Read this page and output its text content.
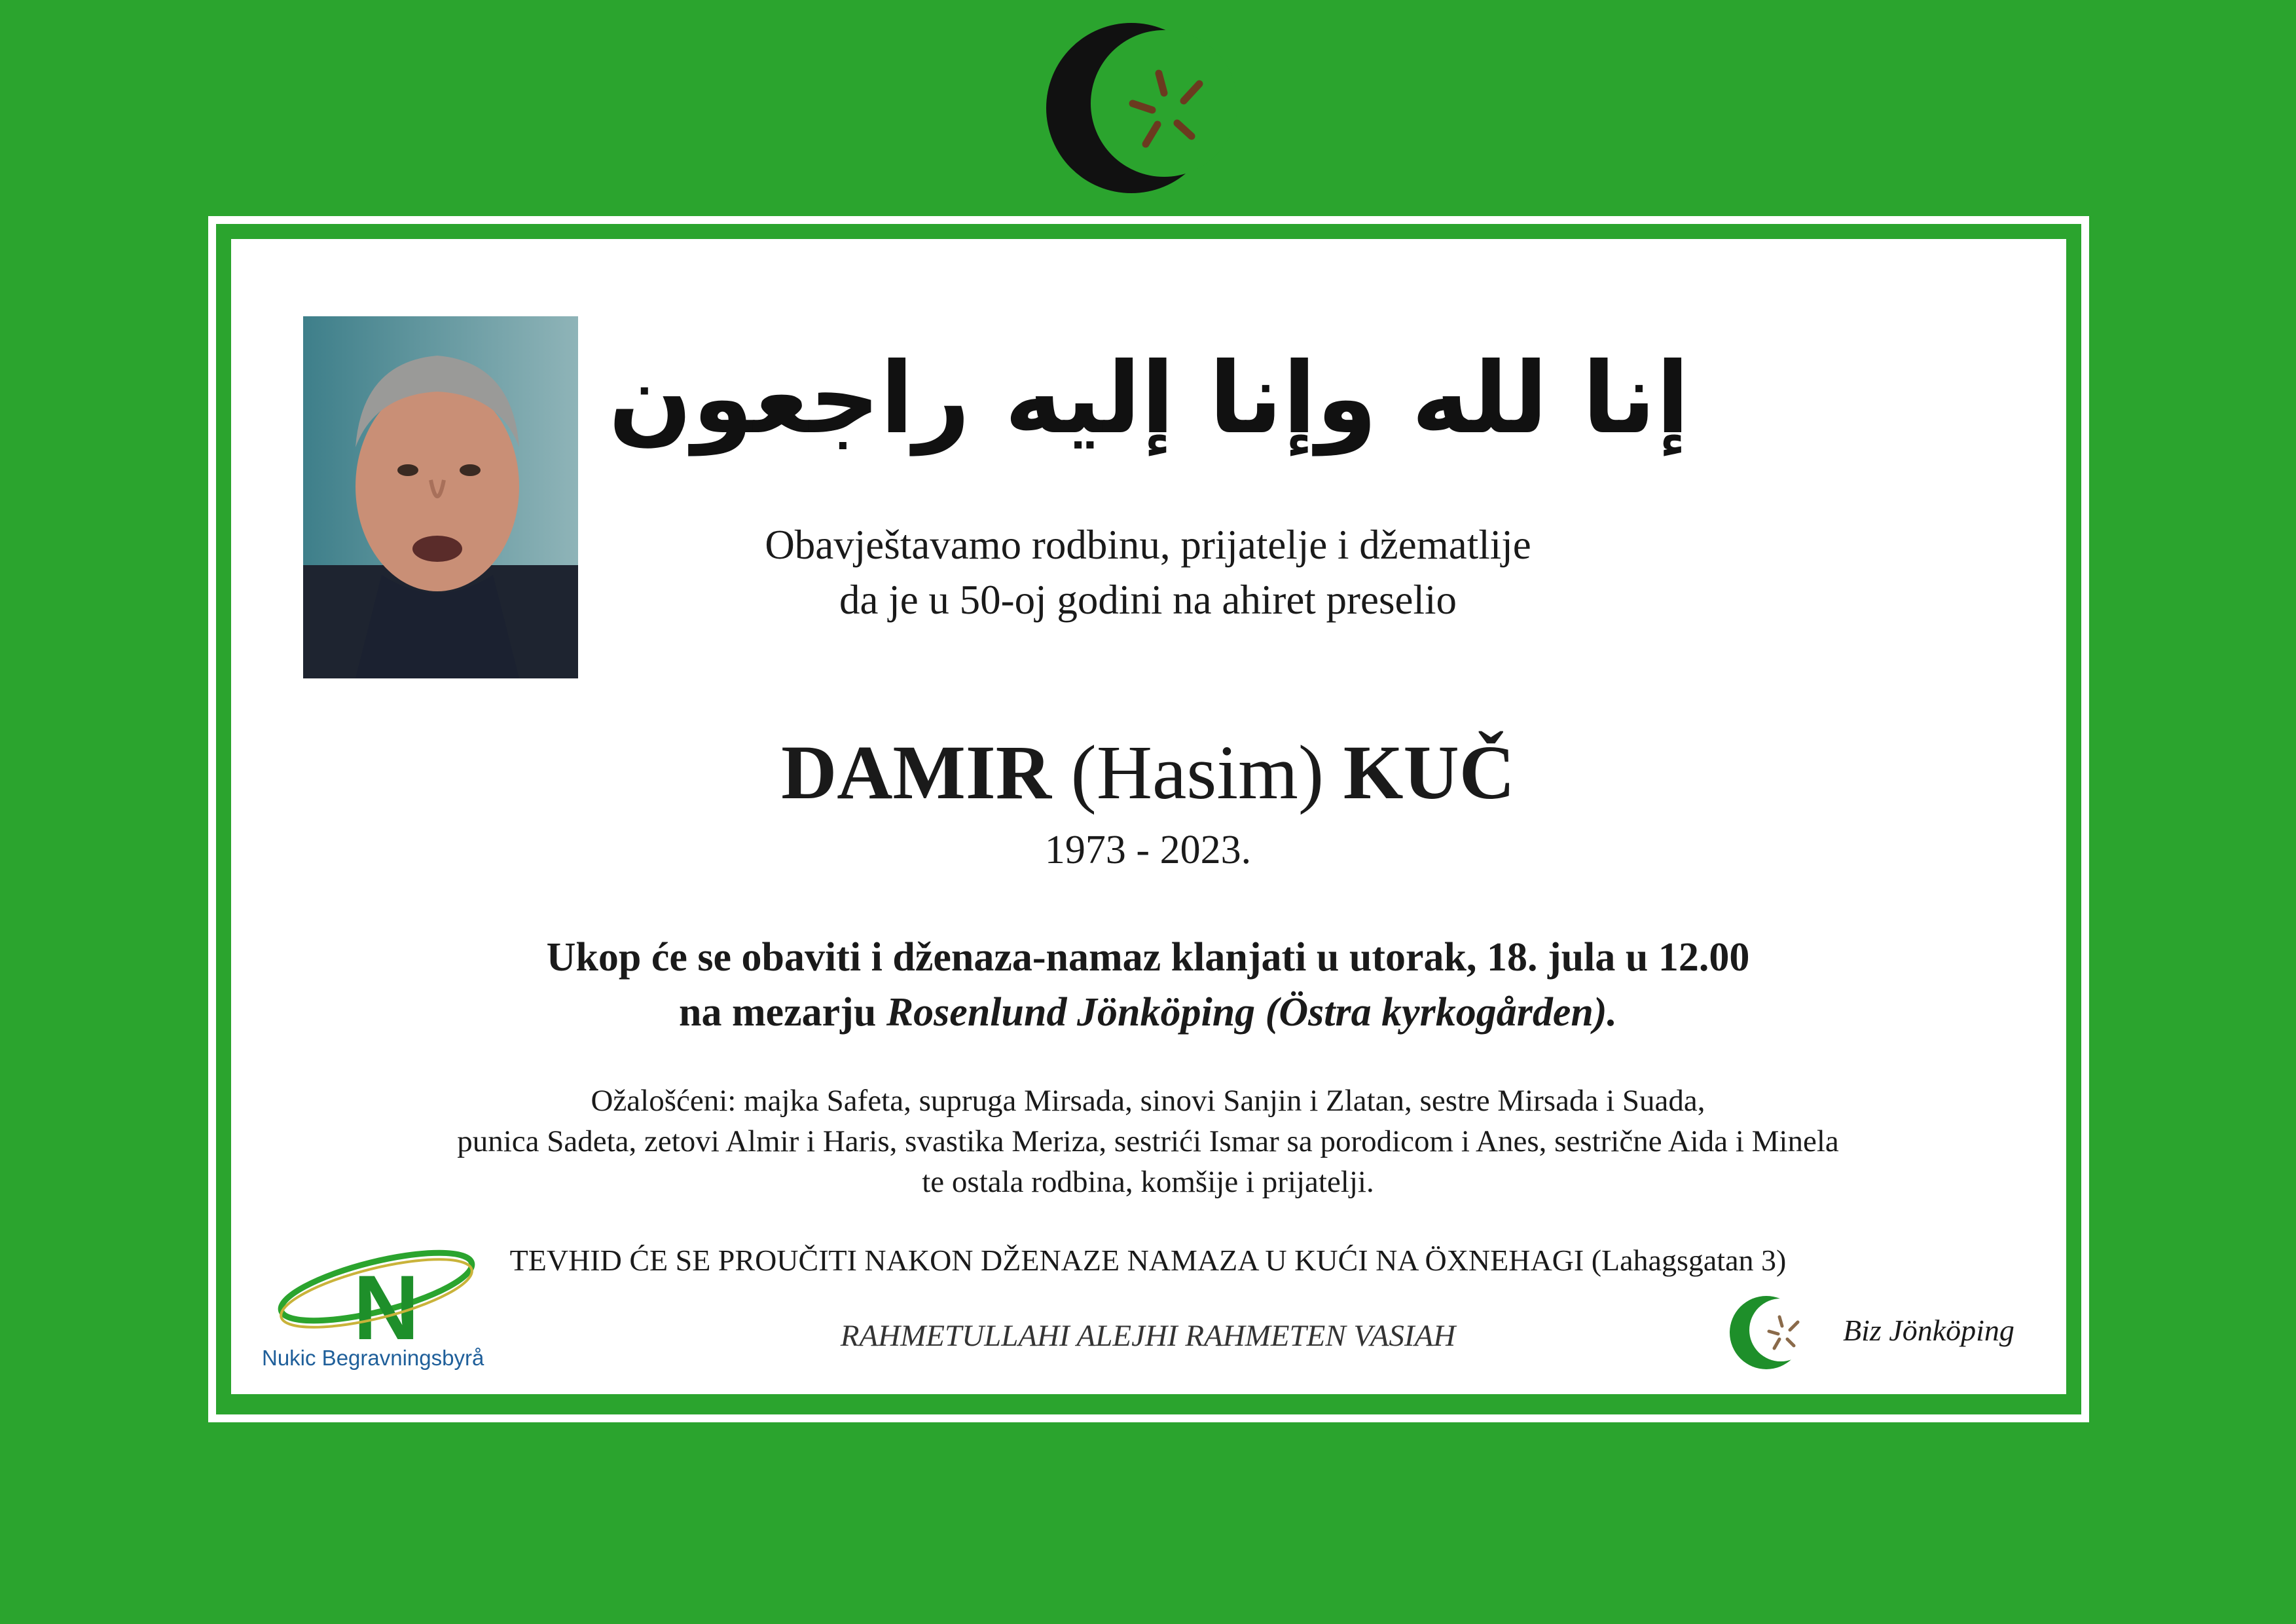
إنا لله وإنا إليه راجعون
Obavještavamo rodbinu, prijatelje i džematlije
da je u 50-oj godini na ahiret preselio
DAMIR (Hasim) KUČ
1973 - 2023.
Ukop će se obaviti i dženaza-namaz klanjati u utorak, 18. jula u 12.00
na mezarju Rosenlund Jönköping (Östra kyrkogården).
Ožalošćeni: majka Safeta, supruga Mirsada, sinovi Sanjin i Zlatan, sestre Mirsada i Suada,
punica Sadeta, zetovi Almir i Haris, svastika Meriza, sestrići Ismar sa porodicom i Anes, sestrične Aida i Minela
te ostala rodbina, komšije i prijatelji.
TEVHID ĆE SE PROUČITI NAKON DŽENAZE NAMAZA U KUĆI NA ÖXNEHAGI (Lahagsgatan 3)
RAHMETULLAHI ALEJHI RAHMETEN VASIAH
N
Nukic Begravningsbyrå
Biz Jönköping
